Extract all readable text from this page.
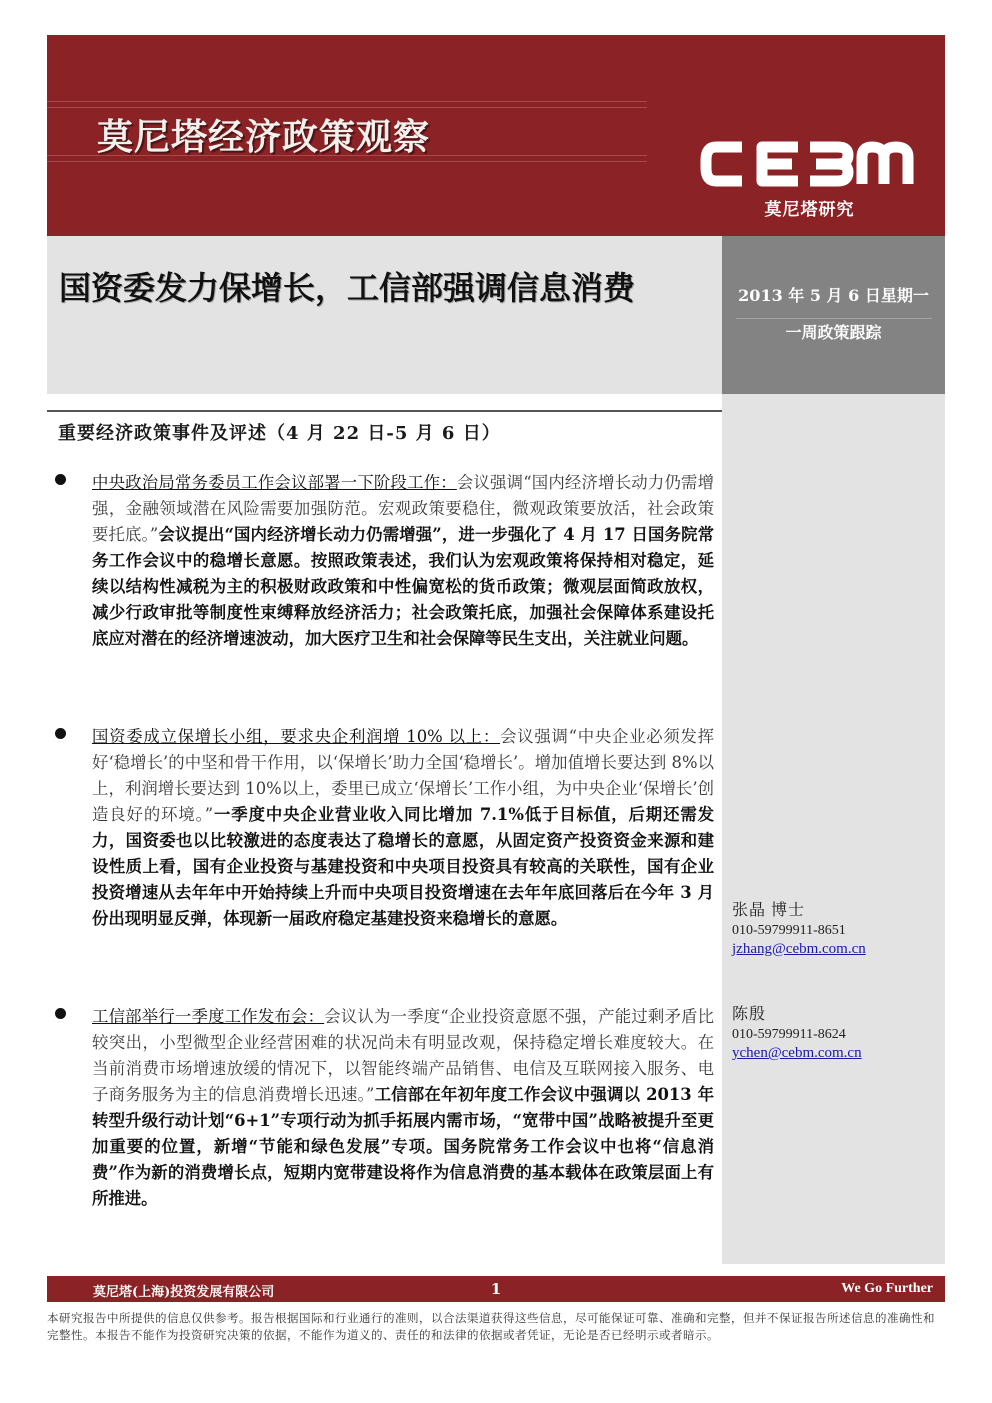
莫尼塔经济政策观察
莫尼塔研究
国资委发力保增长，工信部强调信息消费	2013 年 5 月 6 日星期一
一周政策跟踪
张晶 博士
010-59799911-8651
jzhang@cebm.com.cn
陈殷
010-59799911-8624
ychen@cebm.com.cn
重要经济政策事件及评述（4 月 22 日-5 月 6 日）

中央政治局常务委员工作会议部署一下阶段工作：会议强调“国内经济增长动力仍需增强，金融领域潜在风险需要加强防范。宏观政策要稳住，微观政策要放活，社会政策要托底。”会议提出“国内经济增长动力仍需增强”，进一步强化了 4 月 17 日国务院常务工作会议中的稳增长意愿。按照政策表述，我们认为宏观政策将保持相对稳定，延续以结构性减税为主的积极财政政策和中性偏宽松的货币政策；微观层面简政放权，减少行政审批等制度性束缚释放经济活力；社会政策托底，加强社会保障体系建设托底应对潜在的经济增速波动，加大医疗卫生和社会保障等民生支出，关注就业问题。

国资委成立保增长小组，要求央企利润增 10% 以上：会议强调“中央企业必须发挥好‘稳增长’的中坚和骨干作用，以‘保增长’助力全国‘稳增长’。增加值增长要达到 8%以上，利润增长要达到 10%以上，委里已成立‘保增长’工作小组，为中央企业‘保增长’创造良好的环境。”一季度中央企业营业收入同比增加 7.1%低于目标值，后期还需发力，国资委也以比较激进的态度表达了稳增长的意愿，从固定资产投资资金来源和建设性质上看，国有企业投资与基建投资和中央项目投资具有较高的关联性，国有企业投资增速从去年年中开始持续上升而中央项目投资增速在去年年底回落后在今年 3 月份出现明显反弹，体现新一届政府稳定基建投资来稳增长的意愿。

工信部举行一季度工作发布会：会议认为一季度“企业投资意愿不强，产能过剩矛盾比较突出，小型微型企业经营困难的状况尚未有明显改观，保持稳定增长难度较大。在当前消费市场增速放缓的情况下，以智能终端产品销售、电信及互联网接入服务、电子商务服务为主的信息消费增长迅速。”工信部在年初年度工作会议中强调以 2013 年转型升级行动计划“6+1”专项行动为抓手拓展内需市场，“宽带中国”战略被提升至更加重要的位置，新增“节能和绿色发展”专项。国务院常务工作会议中也将“信息消费”作为新的消费增长点，短期内宽带建设将作为信息消费的基本载体在政策层面上有所推进。

莫尼塔(上海)投资发展有限公司	1	We Go Further

本研究报告中所提供的信息仅供参考。报告根据国际和行业通行的准则，以合法渠道获得这些信息，尽可能保证可靠、准确和完整，但并不保证报告所述信息的准确性和完整性。本报告不能作为投资研究决策的依据，不能作为道义的、责任的和法律的依据或者凭证，无论是否已经明示或者暗示。
